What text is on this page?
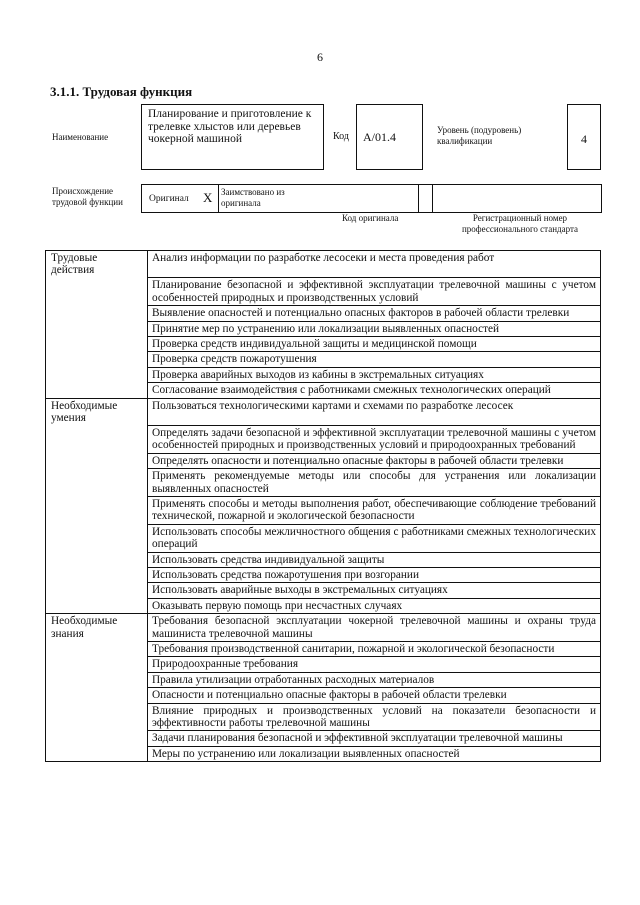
6
3.1.1. Трудовая функция
Наименование
Планирование и приготовление к трелевке хлыстов или деревьев чокерной машиной	Код	А/01.4	Уровень (подуровень) квалификации	4
Происхождение трудовой функции	Оригинал X Заимствовано из оригинала
Код оригинала	Регистрационный номер профессионального стандарта
Трудовые действия	Анализ информации по разработке лесосеки и места проведения работ
	Планирование безопасной и эффективной эксплуатации трелевочной машины с учетом особенностей природных и производственных условий
	Выявление опасностей и потенциально опасных факторов в рабочей области трелевки
	Принятие мер по устранению или локализации выявленных опасностей
	Проверка средств индивидуальной защиты и медицинской помощи
	Проверка средств пожаротушения
	Проверка аварийных выходов из кабины в экстремальных ситуациях
	Согласование взаимодействия с работниками смежных технологических операций
Необходимые умения	Пользоваться технологическими картами и схемами по разработке лесосек
	Определять задачи безопасной и эффективной эксплуатации трелевочной машины с учетом особенностей природных и производственных условий и природоохранных требований
	Определять опасности и потенциально опасные факторы в рабочей области трелевки
	Применять рекомендуемые методы или способы для устранения или локализации выявленных опасностей
	Применять способы и методы выполнения работ, обеспечивающие соблюдение требований технической, пожарной и экологической безопасности
	Использовать способы межличностного общения с работниками смежных технологических операций
	Использовать средства индивидуальной защиты
	Использовать средства пожаротушения при возгорании
	Использовать аварийные выходы в экстремальных ситуациях
	Оказывать первую помощь при несчастных случаях
Необходимые знания	Требования безопасной эксплуатации чокерной трелевочной машины и охраны труда машиниста трелевочной машины
	Требования производственной санитарии, пожарной и экологической безопасности
	Природоохранные требования
	Правила утилизации отработанных расходных материалов
	Опасности и потенциально опасные факторы в рабочей области трелевки
	Влияние природных и производственных условий на показатели безопасности и эффективности работы трелевочной машины
	Задачи планирования безопасной и эффективной эксплуатации трелевочной машины
	Меры по устранению или локализации выявленных опасностей
